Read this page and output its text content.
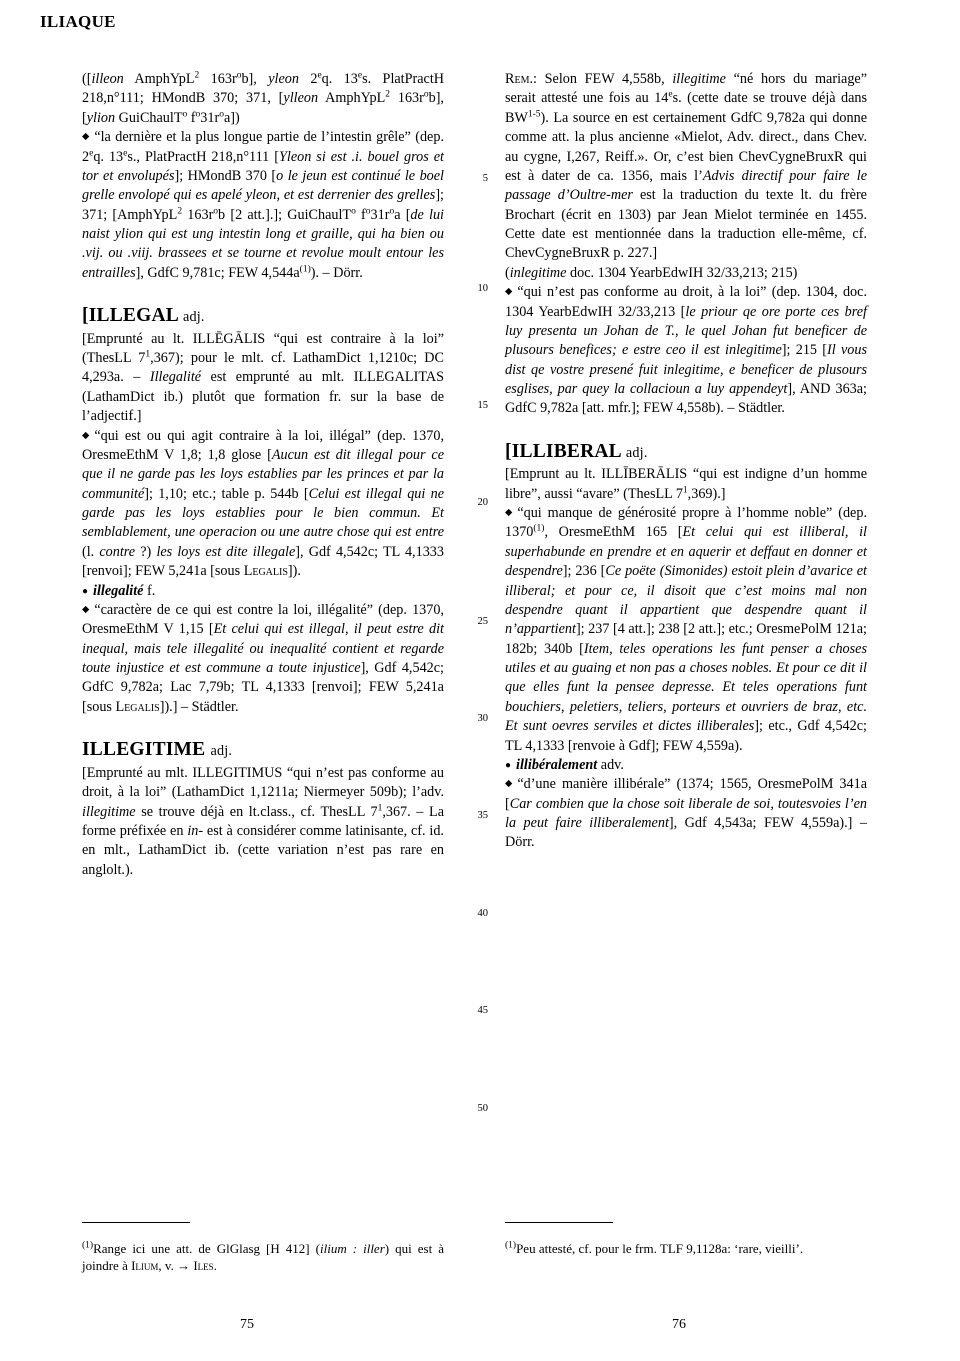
ILIAQUE
5
10
15
20
25
30
35
40
45
50

([illeon AmphYpL$^2$ $163r^ob$], yleon 2eq. 13es. PlatPractH 218,n°111; HMondB 370; 371, [ylleon AmphYpL$^2$ $163r^ob$], [ylion GuiChaulT$^o$ $f^o31r^oa$])

◆ “la dernière et la plus longue partie de l’intestin grêle” (dep. 2eq. 13es., PlatPractH 218,n°111 [Yleon si est .i. bouel gros et tor et envolupés]; HMondB 370 [o le jeun est continué le boel grelle envolopé qui es apelé yleon, et est derrenier des grelles]; 371; [AmphYpL$^2$ $163r^ob$ [2 att.].]; GuiChaulT$^o$ $f^o31r^oa$ [de lui naist ylion qui est ung intestin long et graille, qui ha bien ou .vij. ou .viij. brassees et se tourne et revolue moult entour les entrailles], GdfC 9,781c; FEW $4,544a^{(1)}$). – Dörr.

[ILLEGAL adj.

[Emprunté au lt. ILLĒGĀLIS “qui est contraire à la loi” (ThesLL $7^1,367$); pour le mlt. cf. LathamDict 1,1210c; DC 4,293a. – Illegalité est emprunté au mlt. ILLEGALITAS (LathamDict ib.) plutôt que formation fr. sur la base de l’adjectif.]

◆ “qui est ou qui agit contraire à la loi, illégal” (dep. 1370, OresmeEthM V 1,8; 1,8 glose [Aucun est dit illegal pour ce que il ne garde pas les loys establies par les princes et par la communité]; 1,10; etc.; table p. 544b [Celui est illegal qui ne garde pas les loys establies pour le bien commun. Et semblablement, une operacion ou une autre chose qui est entre (l. contre ?) les loys est dite illegale], Gdf 4,542c; TL 4,1333 [renvoi]; FEW 5,241a [sous Legalis]).

● illegalité f.

◆ “caractère de ce qui est contre la loi, illégalité” (dep. 1370, OresmeEthM V 1,15 [Et celui qui est illegal, il peut estre dit inequal, mais tele illegalité ou inequalité contient et regarde toute injustice et est commune a toute injustice], Gdf 4,542c; GdfC 9,782a; Lac 7,79b; TL 4,1333 [renvoi]; FEW 5,241a [sous Legalis]).] – Städtler.

ILLEGITIME adj.

[Emprunté au mlt. ILLEGITIMUS “qui n’est pas conforme au droit, à la loi” (LathamDict 1,1211a; Niermeyer 509b); l’adv. illegitime se trouve déjà en lt.class., cf. ThesLL $7^1,367$. – La forme préfixée en in- est à considérer comme latinisante, cf. id. en mlt., LathamDict ib. (cette variation n’est pas rare en anglolt.).

Rem.: Selon FEW 4,558b, illegitime “né hors du mariage” serait attesté une fois au 14es. (cette date se trouve déjà dans BW$^{1-5}$). La source en est certainement GdfC 9,782a qui donne comme att. la plus ancienne «Mielot, Adv. direct., dans Chev. au cygne, I,267, Reiff.». Or, c’est bien ChevCygneBruxR qui est à dater de ca. 1356, mais l’Advis directif pour faire le passage d’Oultre-mer est la traduction du texte lt. du frère Brochart (écrit en 1303) par Jean Mielot terminée en 1455. Cette date est mentionnée dans la traduction elle-même, cf. ChevCygneBruxR p. 227.]

(inlegitime doc. 1304 YearbEdwIH 32/33,213; 215)

◆ “qui n’est pas conforme au droit, à la loi” (dep. 1304, doc. 1304 YearbEdwIH 32/33,213 [le priour qe ore porte ces bref luy presenta un Johan de T., le quel Johan fut beneficer de plusours benefices; e estre ceo il est inlegitime]; 215 [Il vous dist qe vostre presené fuit inlegitime, e beneficer de plusours esglises, par quey la collacioun a luy appendeyt], AND 363a; GdfC 9,782a [att. mfr.]; FEW 4,558b). – Städtler.

[ILLIBERAL adj.

[Emprunt au lt. ILLĪBERĀLIS “qui est indigne d’un homme libre”, aussi “avare” (ThesLL $7^1,369$).]

◆ “qui manque de générosité propre à l’homme noble” (dep. 1370$^{(1)}$, OresmeEthM 165 [Et celui qui est illiberal, il superhabunde en prendre et en aquerir et deffaut en donner et despendre]; 236 [Ce poëte (Simonides) estoit plein d’avarice et illiberal; et pour ce, il disoit que c’est moins mal non despendre quant il appartient que despendre quant il n’appartient]; 237 [4 att.]; 238 [2 att.]; etc.; OresmePolM 121a; 182b; 340b [Item, teles operations les funt penser a choses utiles et au guaing et non pas a choses nobles. Et pour ce dit il que elles funt la pensee depresse. Et teles operations funt bouchiers, peletiers, teliers, porteurs et ouvriers de braz, etc. Et sunt oevres serviles et dictes illiberales]; etc., Gdf 4,542c; TL 4,1333 [renvoie à Gdf]; FEW 4,559a).

● illibéralement adv.

◆ “d’une manière illibérale” (1374; 1565, OresmePolM 341a [Car combien que la chose soit liberale de soi, toutesvoies l’en la peut faire illiberalement], Gdf 4,543a; FEW 4,559a).] – Dörr.

$^{(1)}$Range ici une att. de GlGlasg [H 412] (ilium : iller) qui est à joindre à Ilium, v. → Iles.
$^{(1)}$Peu attesté, cf. pour le frm. TLF 9,1128a: ‘rare, vieilli’.
75	76
